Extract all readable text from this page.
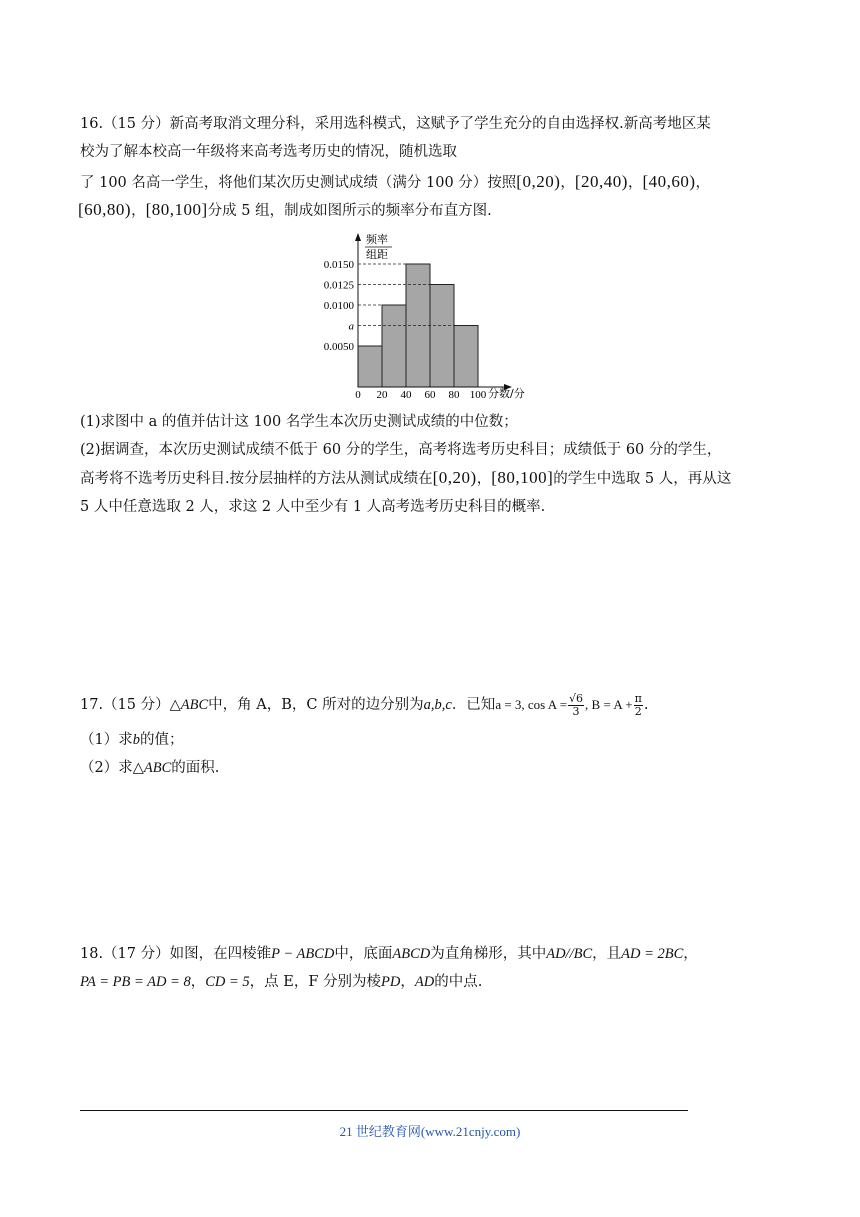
16.（15 分）新高考取消文理分科，采用选科模式，这赋予了学生充分的自由选择权.新高考地区某
校为了解本校高一年级将来高考选考历史的情况，随机选取
了 100 名高一学生，将他们某次历史测试成绩（满分 100 分）按照[0,20)，[20,40)，[40,60)，
[60,80)，[80,100]分成 5 组，制成如图所示的频率分布直方图.
频率
组距
分数/分
0.0050
a
0.0100
0.0125
0.0150
0 20 40 60 80 100
(1)求图中 a 的值并估计这 100 名学生本次历史测试成绩的中位数；
(2)据调查，本次历史测试成绩不低于 60 分的学生，高考将选考历史科目；成绩低于 60 分的学生，
高考将不选考历史科目.按分层抽样的方法从测试成绩在[0,20)，[80,100]的学生中选取 5 人，再从这
5 人中任意选取 2 人，求这 2 人中至少有 1 人高考选考历史科目的概率.
17.（15 分）△ABC中，角 A，B，C 所对的边分别为a,b,c．已知a = 3, $\cos A = \frac{√6}{3}$ , $B = A + \frac{\pi}{2}$ .
（1）求b的值；
（2）求△ABC的面积.
18.（17 分）如图，在四棱锥P − ABCD中，底面ABCD为直角梯形，其中AD//BC，且AD = 2BC，
PA = PB = AD = 8，CD = 5，点 E，F 分别为棱PD，AD的中点.
21 世纪教育网(www.21cnjy.com)
